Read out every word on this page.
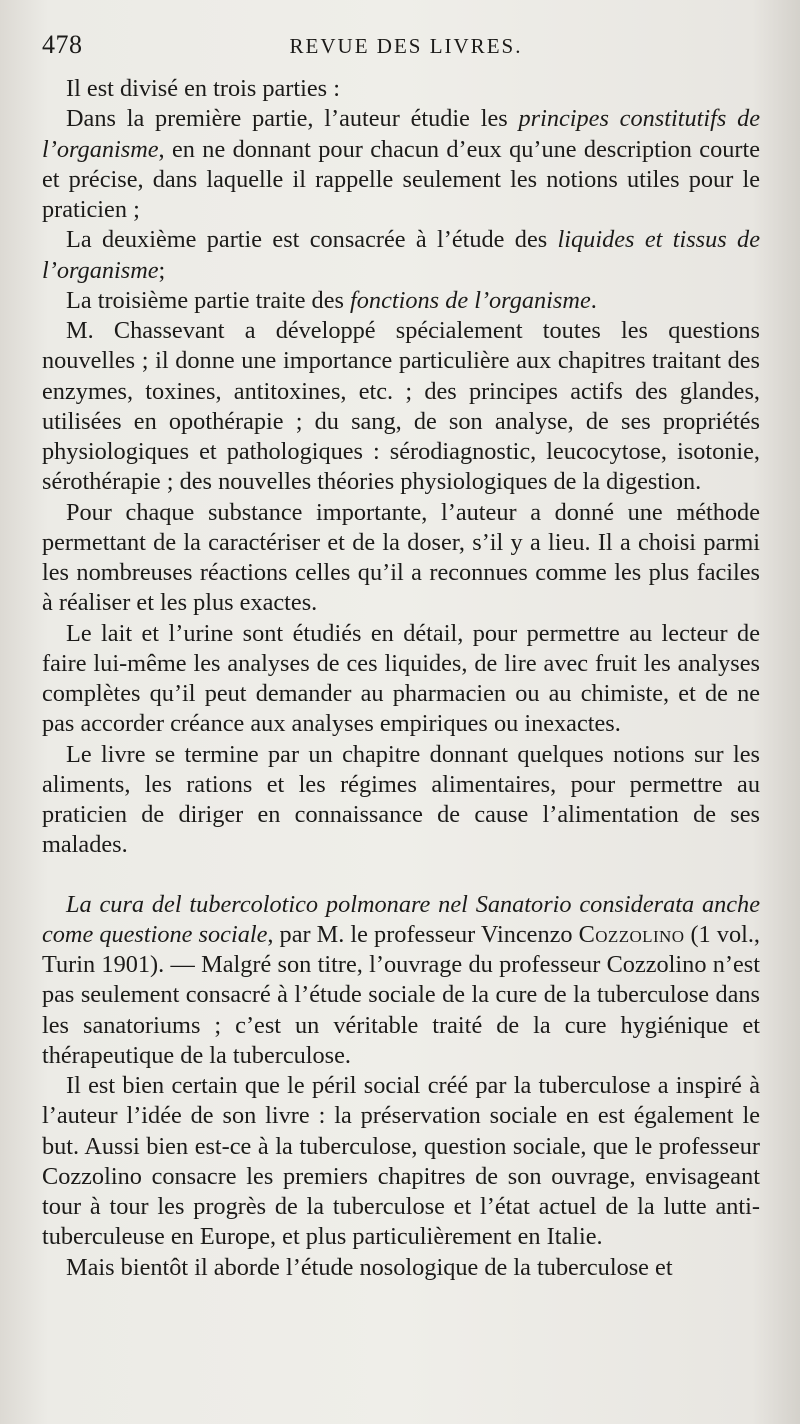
478	REVUE DES LIVRES.

Il est divisé en trois parties :

Dans la première partie, l’auteur étudie les principes constitutifs de l’organisme, en ne donnant pour chacun d’eux qu’une description courte et précise, dans laquelle il rappelle seulement les notions utiles pour le praticien ;

La deuxième partie est consacrée à l’étude des liquides et tissus de l’organisme;

La troisième partie traite des fonctions de l’organisme.

M. Chassevant a développé spécialement toutes les questions nouvelles ; il donne une importance particulière aux chapitres traitant des enzymes, toxines, antitoxines, etc. ; des principes actifs des glandes, utilisées en opothérapie ; du sang, de son analyse, de ses propriétés physiologiques et pathologiques : sérodiagnostic, leucocytose, isotonie, sérothérapie ; des nouvelles théories physiologiques de la digestion.

Pour chaque substance importante, l’auteur a donné une méthode permettant de la caractériser et de la doser, s’il y a lieu. Il a choisi parmi les nombreuses réactions celles qu’il a reconnues comme les plus faciles à réaliser et les plus exactes.

Le lait et l’urine sont étudiés en détail, pour permettre au lecteur de faire lui-même les analyses de ces liquides, de lire avec fruit les analyses complètes qu’il peut demander au pharmacien ou au chimiste, et de ne pas accorder créance aux analyses empiriques ou inexactes.

Le livre se termine par un chapitre donnant quelques notions sur les aliments, les rations et les régimes alimentaires, pour permettre au praticien de diriger en connaissance de cause l’alimentation de ses malades.

La cura del tubercolotico polmonare nel Sanatorio considerata anche come questione sociale, par M. le professeur Vincenzo Cozzolino (1 vol., Turin 1901). — Malgré son titre, l’ouvrage du professeur Cozzolino n’est pas seulement consacré à l’étude sociale de la cure de la tuberculose dans les sanatoriums ; c’est un véritable traité de la cure hygiénique et thérapeutique de la tuberculose.

Il est bien certain que le péril social créé par la tuberculose a inspiré à l’auteur l’idée de son livre : la préservation sociale en est également le but. Aussi bien est-ce à la tuberculose, question sociale, que le professeur Cozzolino consacre les premiers chapitres de son ouvrage, envisageant tour à tour les progrès de la tuberculose et l’état actuel de la lutte anti-tuberculeuse en Europe, et plus particulièrement en Italie.

Mais bientôt il aborde l’étude nosologique de la tuberculose et
